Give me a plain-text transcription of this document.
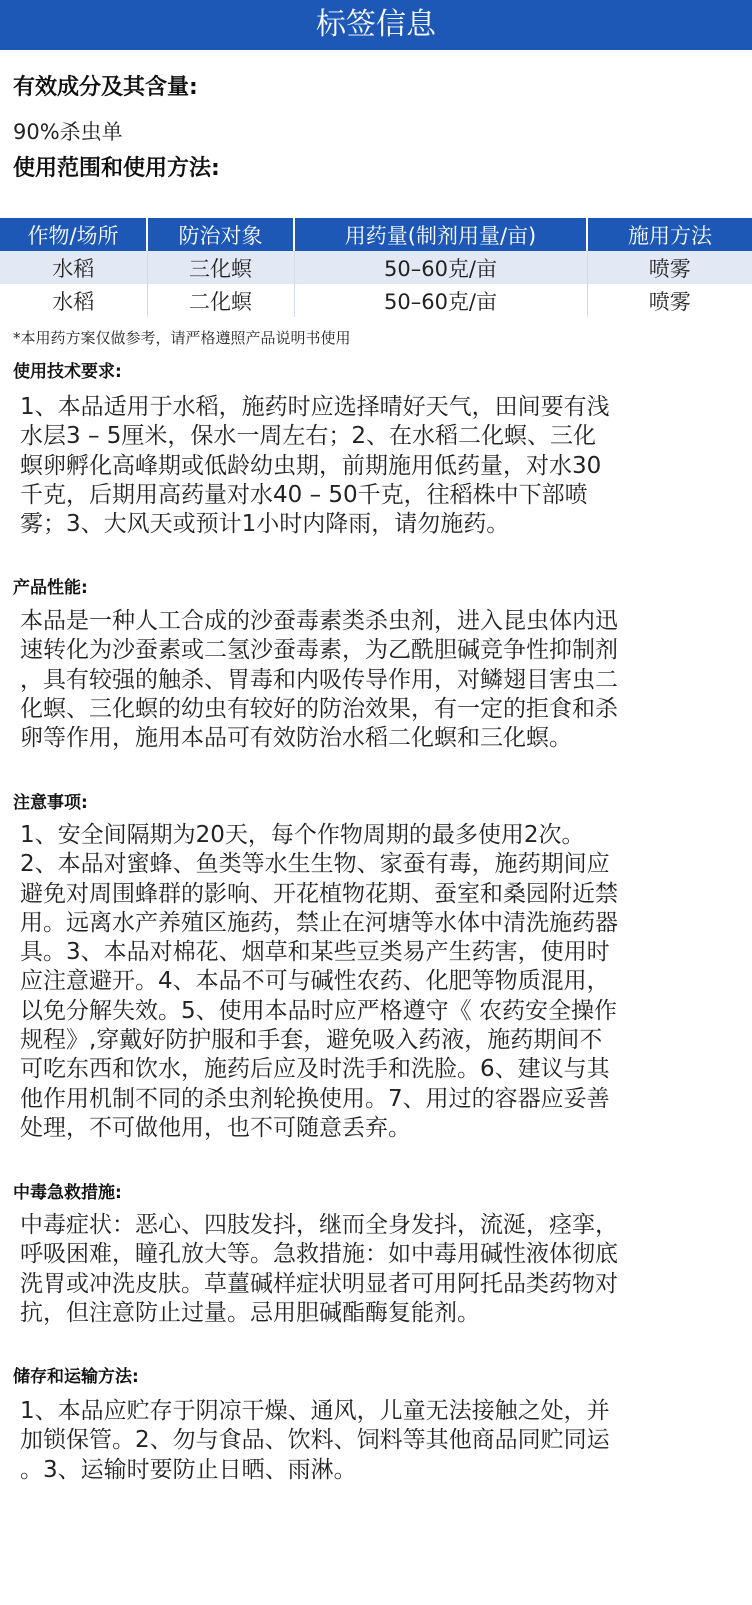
标签信息
有效成分及其含量:
90%杀虫单
使用范围和使用方法:
作物/场所	防治对象	用药量(制剂用量/亩)	施用方法
水稻	三化螟	50–60克/亩	喷雾
水稻	二化螟	50–60克/亩	喷雾
*本用药方案仅做参考，请严格遵照产品说明书使用
使用技术要求:
1、本品适用于水稻，施药时应选择晴好天气，田间要有浅
水层3 – 5厘米，保水一周左右；2、在水稻二化螟、三化
螟卵孵化高峰期或低龄幼虫期，前期施用低药量，对水30
千克，后期用高药量对水40 – 50千克，往稻株中下部喷
雾；3、大风天或预计1小时内降雨，请勿施药。
产品性能:
本品是一种人工合成的沙蚕毒素类杀虫剂，进入昆虫体内迅
速转化为沙蚕素或二氢沙蚕毒素，为乙酰胆碱竞争性抑制剂
，具有较强的触杀、胃毒和内吸传导作用，对鳞翅目害虫二
化螟、三化螟的幼虫有较好的防治效果，有一定的拒食和杀
卵等作用，施用本品可有效防治水稻二化螟和三化螟。
注意事项:
1、安全间隔期为20天，每个作物周期的最多使用2次。
2、本品对蜜蜂、鱼类等水生生物、家蚕有毒，施药期间应
避免对周围蜂群的影响、开花植物花期、蚕室和桑园附近禁
用。远离水产养殖区施药，禁止在河塘等水体中清洗施药器
具。3、本品对棉花、烟草和某些豆类易产生药害，使用时
应注意避开。4、本品不可与碱性农药、化肥等物质混用，
以免分解失效。5、使用本品时应严格遵守《 农药安全操作
规程》,穿戴好防护服和手套，避免吸入药液，施药期间不
可吃东西和饮水，施药后应及时洗手和洗脸。6、建议与其
他作用机制不同的杀虫剂轮换使用。7、用过的容器应妥善
处理，不可做他用，也不可随意丢弃。
中毒急救措施:
中毒症状：恶心、四肢发抖，继而全身发抖，流涎，痉挛，
呼吸困难，瞳孔放大等。急救措施：如中毒用碱性液体彻底
洗胃或冲洗皮肤。草薑碱样症状明显者可用阿托品类药物对
抗，但注意防止过量。忌用胆碱酯酶复能剂。
储存和运输方法:
1、本品应贮存于阴凉干燥、通风，儿童无法接触之处，并
加锁保管。2、勿与食品、饮料、饲料等其他商品同贮同运
。3、运输时要防止日晒、雨淋。
